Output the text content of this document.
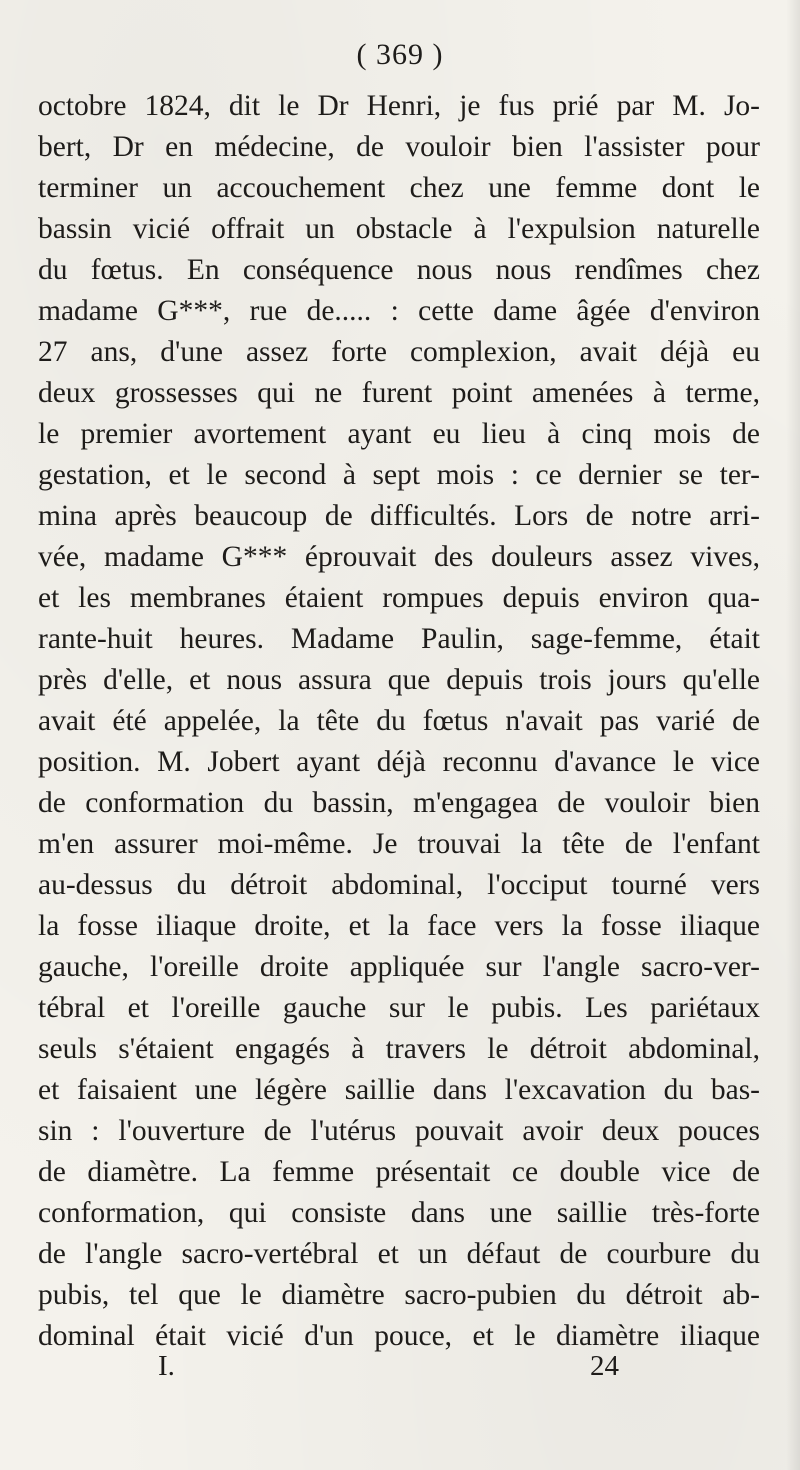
( 369 )
octobre 1824, dit le Dr Henri, je fus prié par M. Jo-
bert, Dr en médecine, de vouloir bien l'assister pour
terminer un accouchement chez une femme dont le
bassin vicié offrait un obstacle à l'expulsion naturelle
du fœtus. En conséquence nous nous rendîmes chez
madame G***, rue de..... : cette dame âgée d'environ
27 ans, d'une assez forte complexion, avait déjà eu
deux grossesses qui ne furent point amenées à terme,
le premier avortement ayant eu lieu à cinq mois de
gestation, et le second à sept mois : ce dernier se ter-
mina après beaucoup de difficultés. Lors de notre arri-
vée, madame G*** éprouvait des douleurs assez vives,
et les membranes étaient rompues depuis environ qua-
rante-huit heures. Madame Paulin, sage-femme, était
près d'elle, et nous assura que depuis trois jours qu'elle
avait été appelée, la tête du fœtus n'avait pas varié de
position. M. Jobert ayant déjà reconnu d'avance le vice
de conformation du bassin, m'engagea de vouloir bien
m'en assurer moi-même. Je trouvai la tête de l'enfant
au-dessus du détroit abdominal, l'occiput tourné vers
la fosse iliaque droite, et la face vers la fosse iliaque
gauche, l'oreille droite appliquée sur l'angle sacro-ver-
tébral et l'oreille gauche sur le pubis. Les pariétaux
seuls s'étaient engagés à travers le détroit abdominal,
et faisaient une légère saillie dans l'excavation du bas-
sin : l'ouverture de l'utérus pouvait avoir deux pouces
de diamètre. La femme présentait ce double vice de
conformation, qui consiste dans une saillie très-forte
de l'angle sacro-vertébral et un défaut de courbure du
pubis, tel que le diamètre sacro-pubien du détroit ab-
dominal était vicié d'un pouce, et le diamètre iliaque
I.	24
